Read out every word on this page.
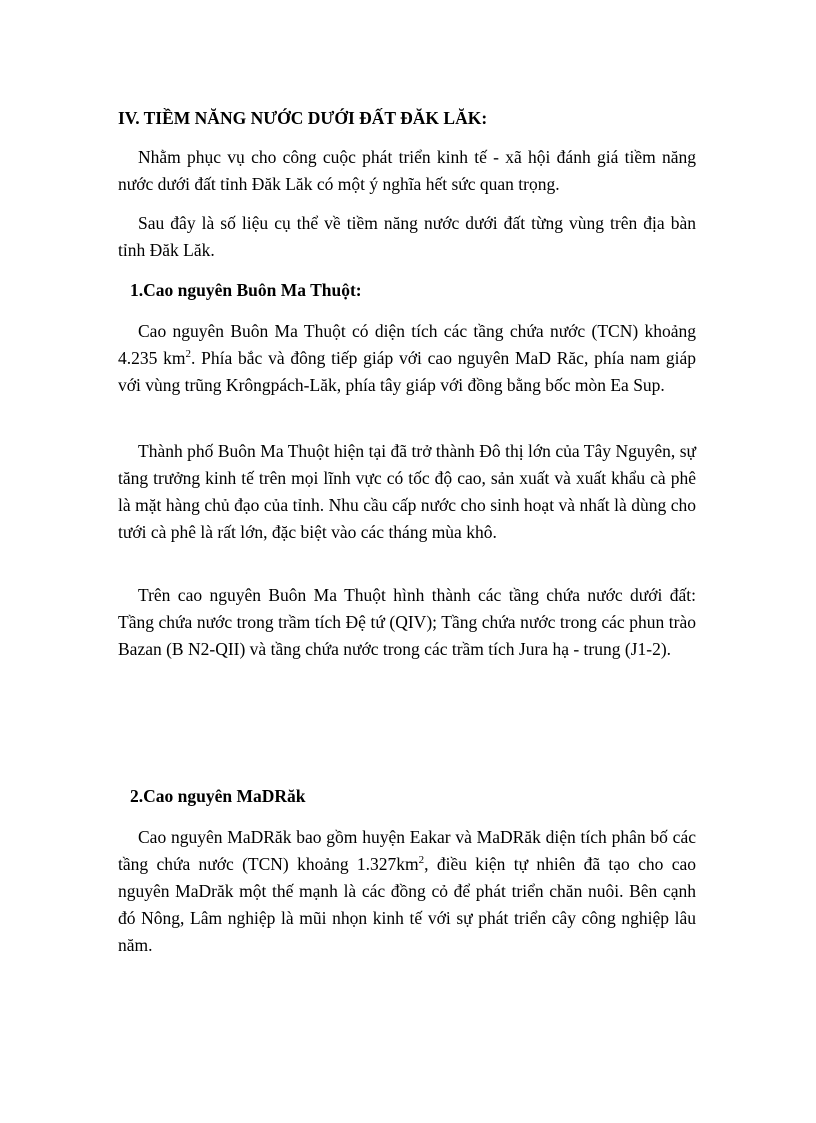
IV. TIỀM NĂNG NƯỚC DƯỚI ĐẤT ĐĂK LĂK:

Nhằm phục vụ cho công cuộc phát triển kinh tế - xã hội đánh giá tiềm năng nước dưới đất tỉnh Đăk Lăk có một ý nghĩa hết sức quan trọng.

Sau đây là số liệu cụ thể về tiềm năng nước dưới đất từng vùng trên địa bàn tỉnh Đăk Lăk.

1.Cao nguyên Buôn Ma Thuột:

Cao nguyên Buôn Ma Thuột có diện tích các tầng chứa nước (TCN) khoảng 4.235 $km^2$. Phía bắc và đông tiếp giáp với cao nguyên MaD Răc, phía nam giáp với vùng trũng Krôngpách-Lăk, phía tây giáp với đồng bằng bốc mòn Ea Sup.

Thành phố Buôn Ma Thuột hiện tại đã trở thành Đô thị lớn của Tây Nguyên, sự tăng trưởng kinh tế trên mọi lĩnh vực có tốc độ cao, sản xuất và xuất khẩu cà phê là mặt hàng chủ đạo của tỉnh. Nhu cầu cấp nước cho sinh hoạt và nhất là dùng cho tưới cà phê là rất lớn, đặc biệt vào các tháng mùa khô.

Trên cao nguyên Buôn Ma Thuột hình thành các tầng chứa nước dưới đất: Tầng chứa nước trong trầm tích Đệ tứ (QIV); Tầng chứa nước trong các phun trào Bazan (B N2-QII) và tầng chứa nước trong các trầm tích Jura hạ - trung (J1-2).

2.Cao nguyên MaDRăk

Cao nguyên MaDRăk bao gồm huyện Eakar và MaDRăk diện tích phân bố các tầng chứa nước (TCN) khoảng $1.327km^2$, điều kiện tự nhiên đã tạo cho cao nguyên MaDrăk một thế mạnh là các đồng cỏ để phát triển chăn nuôi. Bên cạnh đó Nông, Lâm nghiệp là mũi nhọn kinh tế với sự phát triển cây công nghiệp lâu năm.
